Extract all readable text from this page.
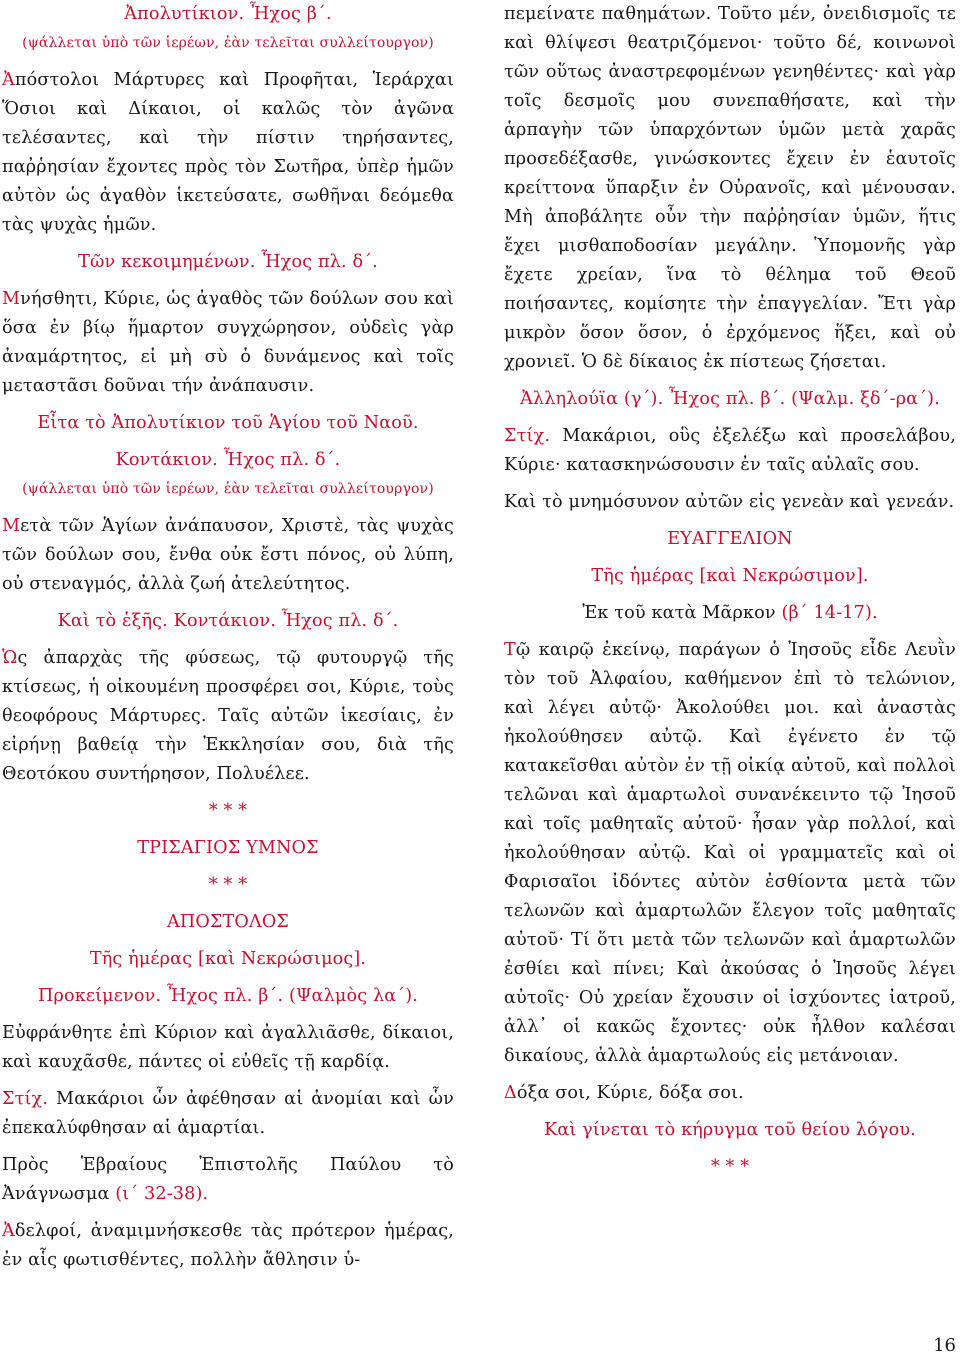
Ἀπολυτίκιον. Ἦχος β΄.
(ψάλλεται ὑπὸ τῶν ἱερέων, ἐὰν τελεῖται συλλείτουργον)
Ἀπόστολοι Μάρτυρες καὶ Προφῆται, Ἱεράρχαι Ὅσιοι καὶ Δίκαιοι, οἱ καλῶς τὸν ἀγῶνα τελέσαντες, καὶ τὴν πίστιν τηρήσαντες, παῤῥησίαν ἔχοντες πρὸς τὸν Σωτῆρα, ὑπὲρ ἡμῶν αὐτὸν ὡς ἀγαθὸν ἱκετεύσατε, σωθῆναι δεόμεθα τὰς ψυχὰς ἡμῶν.
Τῶν κεκοιμημένων. Ἦχος πλ. δ΄.
Μνήσθητι, Κύριε, ὡς ἀγαθὸς τῶν δούλων σου καὶ ὅσα ἐν βίῳ ἥμαρτον συγχώρησον, οὐδεὶς γὰρ ἀναμάρτητος, εἰ μὴ σὺ ὁ δυνάμενος καὶ τοῖς μεταστᾶσι δοῦναι τήν ἀνάπαυσιν.
Εἶτα τὸ Ἀπολυτίκιον τοῦ Ἁγίου τοῦ Ναοῦ.
Κοντάκιον. Ἦχος πλ. δ΄.
(ψάλλεται ὑπὸ τῶν ἱερέων, ἐὰν τελεῖται συλλείτουργον)
Μετὰ τῶν Ἁγίων ἀνάπαυσον, Χριστὲ, τὰς ψυχὰς τῶν δούλων σου, ἔνθα οὐκ ἔστι πόνος, οὐ λύπη, οὐ στεναγμός, ἀλλὰ ζωή ἀτελεύτητος.
Καὶ τὸ ἑξῆς. Κοντάκιον. Ἦχος πλ. δ΄.
Ὡς ἀπαρχὰς τῆς φύσεως, τῷ φυτουργῷ τῆς κτίσεως, ἡ οἰκουμένη προσφέρει σοι, Κύριε, τοὺς θεοφόρους Μάρτυρες. Ταῖς αὐτῶν ἱκεσίαις, ἐν εἰρήνῃ βαθείᾳ τὴν Ἐκκλησίαν σου, διὰ τῆς Θεοτόκου συντήρησον, Πολυέλεε.
* * *
ΤΡΙΣΑΓΙΟΣ ΥΜΝΟΣ
* * *
ΑΠΟΣΤΟΛΟΣ
Τῆς ἡμέρας [καὶ Νεκρώσιμος].
Προκείμενον. Ἦχος πλ. β΄. (Ψαλμὸς λα΄).
Εὐφράνθητε ἐπὶ Κύριον καὶ ἀγαλλιᾶσθε, δίκαιοι, καὶ καυχᾶσθε, πάντες οἱ εὐθεῖς τῇ καρδίᾳ.
Στίχ. Μακάριοι ὧν ἀφέθησαν αἱ ἀνομίαι καὶ ὧν ἐπεκαλύφθησαν αἱ ἁμαρτίαι.
Πρὸς Ἑβραίους Ἐπιστολῆς Παύλου τὸ Ἀνάγνωσμα (ι΄ 32-38).
Ἀδελφοί, ἀναμιμνήσκεσθε τὰς πρότερον ἡμέρας, ἐν αἷς φωτισθέντες, πολλὴν ἄθλησιν ὑ-
πεμείνατε παθημάτων. Τοῦτο μέν, ὀνειδισμοῖς τε καὶ θλίψεσι θεατριζόμενοι· τοῦτο δέ, κοινωνοὶ τῶν οὕτως ἀναστρεφομένων γενηθέντες· καὶ γὰρ τοῖς δεσμοῖς μου συνεπαθήσατε, καὶ τὴν ἁρπαγὴν τῶν ὑπαρχόντων ὑμῶν μετὰ χαρᾶς προσεδέξασθε, γινώσκοντες ἔχειν ἐν ἑαυτοῖς κρείττονα ὕπαρξιν ἐν Οὐρανοῖς, καὶ μένουσαν. Μὴ ἀποβάλητε οὖν τὴν παῤῥησίαν ὑμῶν, ἥτις ἔχει μισθαποδοσίαν μεγάλην. Ὑπομονῆς γὰρ ἔχετε χρείαν, ἵνα τὸ θέλημα τοῦ Θεοῦ ποιήσαντες, κομίσητε τὴν ἐπαγγελίαν. Ἔτι γὰρ μικρὸν ὅσον ὅσον, ὁ ἐρχόμενος ἥξει, καὶ οὐ χρονιεῖ. Ὁ δὲ δίκαιος ἐκ πίστεως ζήσεται.
Ἀλληλούϊα (γ΄). Ἦχος πλ. β΄. (Ψαλμ. ξδ΄-ρα΄).
Στίχ. Μακάριοι, οὓς ἐξελέξω καὶ προσελάβου, Κύριε· κατασκηνώσουσιν ἐν ταῖς αὐλαῖς σου.
Καὶ τὸ μνημόσυνον αὐτῶν εἰς γενεὰν καὶ γενεάν.
ΕΥΑΓΓΕΛΙΟΝ
Τῆς ἡμέρας [καὶ Νεκρώσιμον].
Ἐκ τοῦ κατὰ Μᾶρκον (β΄ 14-17).
Τῷ καιρῷ ἐκείνῳ, παράγων ὁ Ἰησοῦς εἶδε Λευῒν τὸν τοῦ Ἀλφαίου, καθήμενον ἐπὶ τὸ τελώνιον, καὶ λέγει αὐτῷ· Ἀκολούθει μοι. καὶ ἀναστὰς ἠκολούθησεν αὐτῷ. Καὶ ἐγένετο ἐν τῷ κατακεῖσθαι αὐτὸν ἐν τῇ οἰκίᾳ αὐτοῦ, καὶ πολλοὶ τελῶναι καὶ ἁμαρτωλοὶ συνανέκειντο τῷ Ἰησοῦ καὶ τοῖς μαθηταῖς αὐτοῦ· ἦσαν γὰρ πολλοί, καὶ ἠκολούθησαν αὐτῷ. Καὶ οἱ γραμματεῖς καὶ οἱ Φαρισαῖοι ἰδόντες αὐτὸν ἐσθίοντα μετὰ τῶν τελωνῶν καὶ ἁμαρτωλῶν ἔλεγον τοῖς μαθηταῖς αὐτοῦ· Τί ὅτι μετὰ τῶν τελωνῶν καὶ ἁμαρτωλῶν ἐσθίει καὶ πίνει; Καὶ ἀκούσας ὁ Ἰησοῦς λέγει αὐτοῖς· Οὐ χρείαν ἔχουσιν οἱ ἰσχύοντες ἰατροῦ, ἀλλ᾽ οἱ κακῶς ἔχοντες· οὐκ ἦλθον καλέσαι δικαίους, ἀλλὰ ἁμαρτωλούς εἰς μετάνοιαν.
Δόξα σοι, Κύριε, δόξα σοι.
Καὶ γίνεται τὸ κήρυγμα τοῦ θείου λόγου.
* * *
16
